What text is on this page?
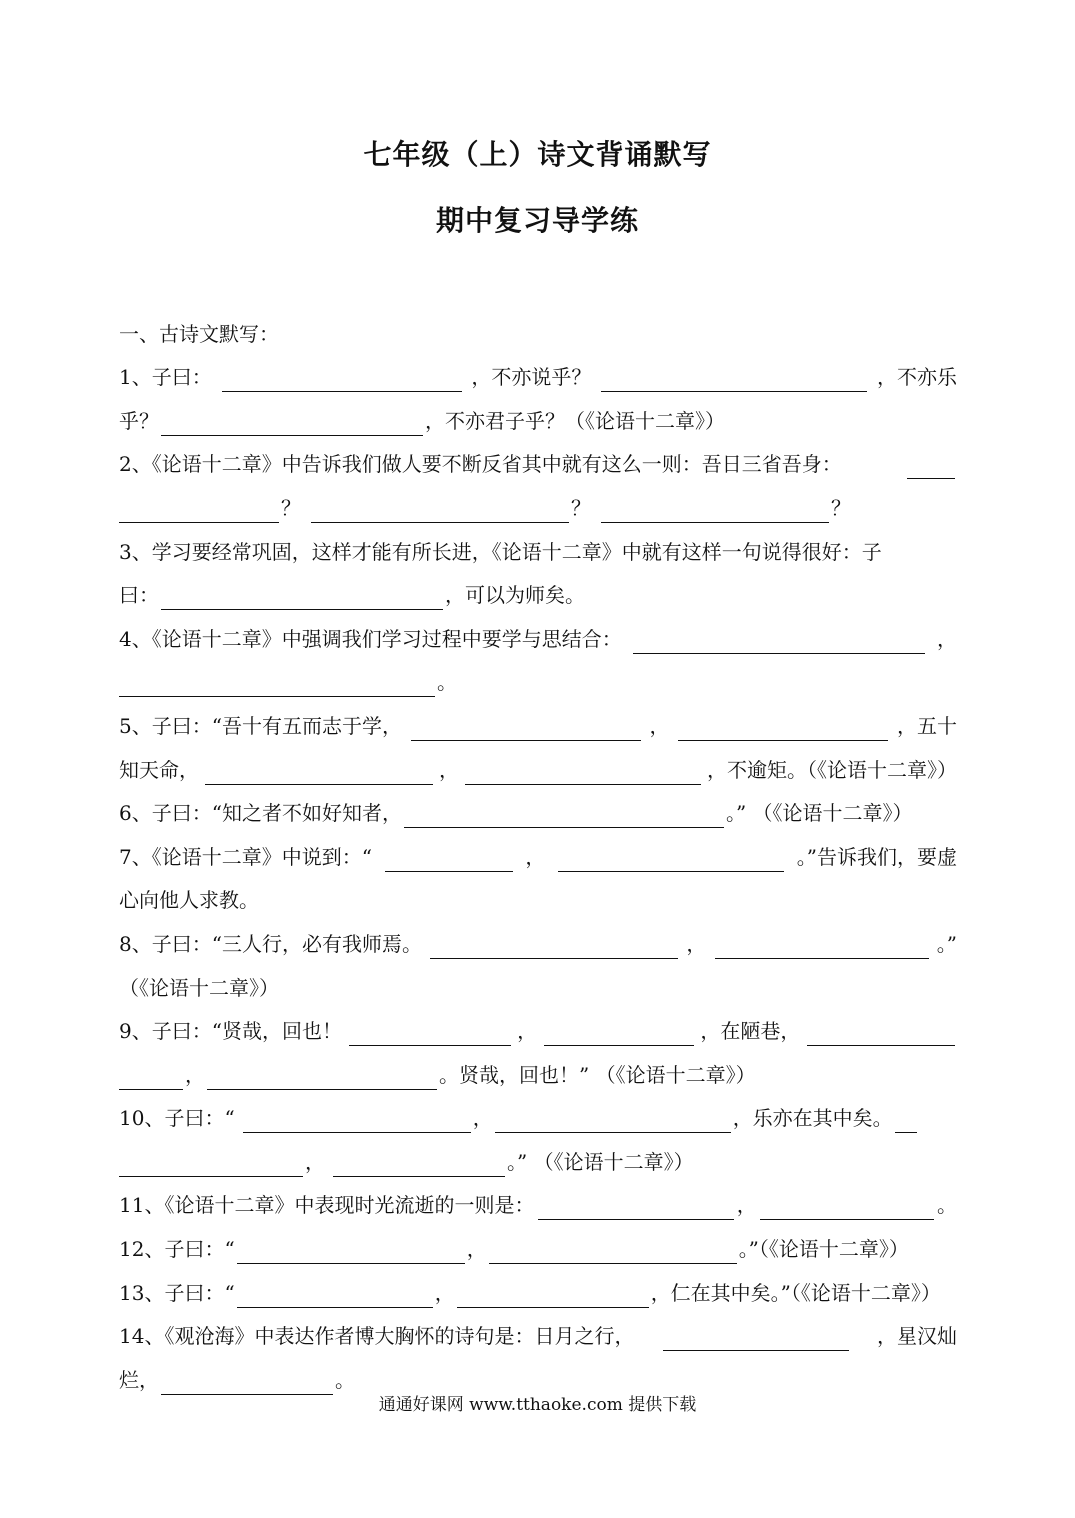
七年级（上）诗文背诵默写
期中复习导学练
一、古诗文默写：
1、子曰：	，不亦说乎？	，不亦乐
乎？	，不亦君子乎？（《论语十二章》）
2、《论语十二章》中告诉我们做人要不断反省其中就有这么一则：吾日三省吾身：
？	？	？
3、学习要经常巩固，这样才能有所长进，《论语十二章》中就有这样一句说得很好：子
曰：	，可以为师矣。
4、《论语十二章》中强调我们学习过程中要学与思结合：	，
。
5、子曰：“吾十有五而志于学，	，	，五十
知天命，	，	，不逾矩。（《论语十二章》）
6、子曰：“知之者不如好知者，	。” （《论语十二章》）
7、《论语十二章》中说到：“	，	。”告诉我们，要虚
心向他人求教。
8、子曰：“三人行，必有我师焉。	，	。”
（《论语十二章》）
9、子曰：“贤哉，回也！	，	，在陋巷，
，	。贤哉，回也！” （《论语十二章》）
10、子曰：“	，	，乐亦在其中矣。
，	。” （《论语十二章》）
11、《论语十二章》中表现时光流逝的一则是：	，	。
12、子曰：“	，	。”（《论语十二章》）
13、子曰：“	，	，仁在其中矣。”（《论语十二章》）
14、《观沧海》中表达作者博大胸怀的诗句是：日月之行，	，星汉灿
烂，	。
通通好课网 www.tthaoke.com 提供下载
